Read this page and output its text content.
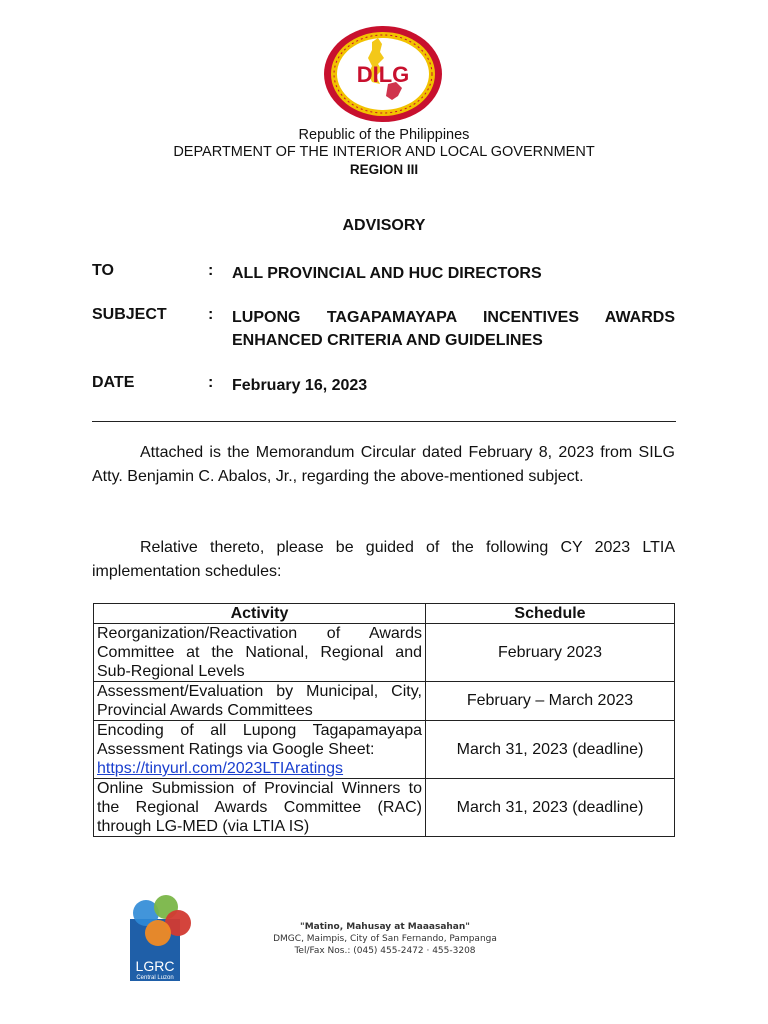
DILG
Republic of the Philippines
DEPARTMENT OF THE INTERIOR AND LOCAL GOVERNMENT
REGION III
ADVISORY
TO	: ALL PROVINCIAL AND HUC DIRECTORS
SUBJECT	: LUPONG TAGAPAMAYAPA INCENTIVES AWARDS ENHANCED CRITERIA AND GUIDELINES
DATE	: February 16, 2023
Attached is the Memorandum Circular dated February 8, 2023 from SILG Atty. Benjamin C. Abalos, Jr., regarding the above-mentioned subject.
Relative thereto, please be guided of the following CY 2023 LTIA implementation schedules:
Activity	Schedule
Reorganization/Reactivation of Awards Committee at the National, Regional and Sub-Regional Levels	February 2023
Assessment/Evaluation by Municipal, City, Provincial Awards Committees	February – March 2023
Encoding of all Lupong Tagapamayapa Assessment Ratings via Google Sheet:
https://tinyurl.com/2023LTIAratings	March 31, 2023 (deadline)
Online Submission of Provincial Winners to the Regional Awards Committee (RAC) through LG-MED (via LTIA IS)	March 31, 2023 (deadline)
LGRC
Central Luzon
"Matino, Mahusay at Maaasahan"
DMGC, Maimpis, City of San Fernando, Pampanga
Tel/Fax Nos.: (045) 455-2472 · 455-3208
